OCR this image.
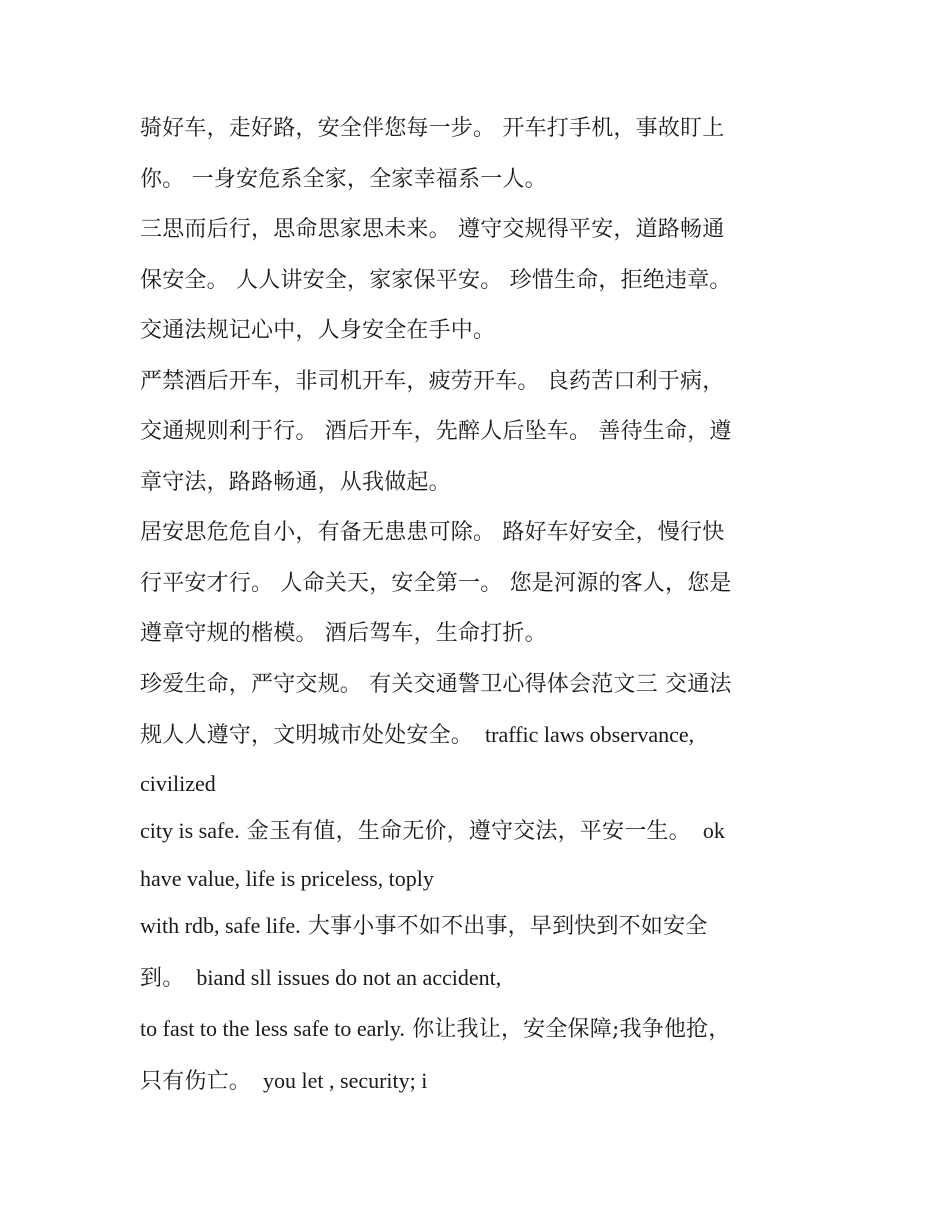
骑好车，走好路，安全伴您每一步。 开车打手机，事故盯上
你。 一身安危系全家，全家幸福系一人。

三思而后行，思命思家思未来。 遵守交规得平安，道路畅通
保安全。 人人讲安全，家家保平安。 珍惜生命，拒绝违章。
交通法规记心中，人身安全在手中。

严禁酒后开车，非司机开车，疲劳开车。 良药苦口利于病，
交通规则利于行。 酒后开车，先醉人后坠车。 善待生命，遵
章守法，路路畅通，从我做起。

居安思危危自小，有备无患患可除。 路好车好安全，慢行快
行平安才行。 人命关天，安全第一。 您是河源的客人，您是
遵章守规的楷模。 酒后驾车，生命打折。

珍爱生命，严守交规。 有关交通警卫心得体会范文三 交通法
规人人遵守，文明城市处处安全。 traffic laws observance,

civilized

city is safe. 金玉有值，生命无价，遵守交法，平安一生。 ok

have value, life is priceless, topl​y

with rdb, safe life. 大事小事不如不出事，早到快到不如安全
到。 biand sll issues do not an accident,

to fast to the less safe to early. 你让我让，安全保障;我争他抢，
只有伤亡。 you let , security; i
